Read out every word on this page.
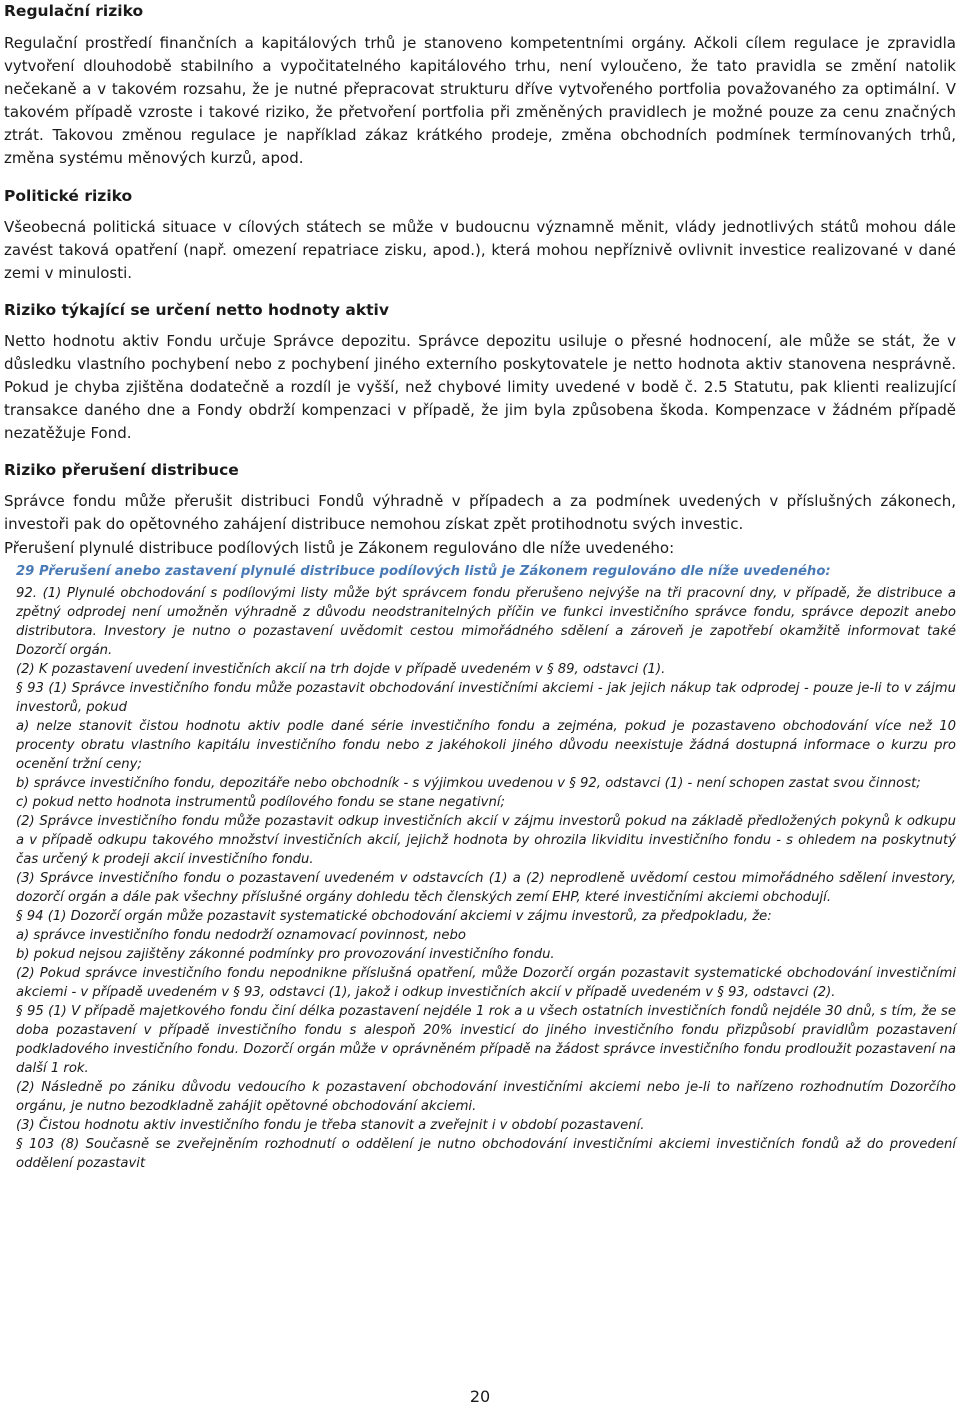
Regulační riziko

Regulační prostředí finančních a kapitálových trhů je stanoveno kompetentními orgány. Ačkoli cílem regulace je zpravidla vytvoření dlouhodobě stabilního a vypočitatelného kapitálového trhu, není vyloučeno, že tato pravidla se změní natolik nečekaně a v takovém rozsahu, že je nutné přepracovat strukturu dříve vytvořeného portfolia považovaného za optimální. V takovém případě vzroste i takové riziko, že přetvoření portfolia při změněných pravidlech je možné pouze za cenu značných ztrát. Takovou změnou regulace je například zákaz krátkého prodeje, změna obchodních podmínek termínovaných trhů, změna systému měnových kurzů, apod.

Politické riziko

Všeobecná politická situace v cílových státech se může v budoucnu významně měnit, vlády jednotlivých států mohou dále zavést taková opatření (např. omezení repatriace zisku, apod.), která mohou nepříznivě ovlivnit investice realizované v dané zemi v minulosti.

Riziko týkající se určení netto hodnoty aktiv

Netto hodnotu aktiv Fondu určuje Správce depozitu. Správce depozitu usiluje o přesné hodnocení, ale může se stát, že v důsledku vlastního pochybení nebo z pochybení jiného externího poskytovatele je netto hodnota aktiv stanovena nesprávně. Pokud je chyba zjištěna dodatečně a rozdíl je vyšší, než chybové limity uvedené v bodě č. 2.5 Statutu, pak klienti realizující transakce daného dne a Fondy obdrží kompenzaci v případě, že jim byla způsobena škoda. Kompenzace v žádném případě nezatěžuje Fond.

Riziko přerušení distribuce

Správce fondu může přerušit distribuci Fondů výhradně v případech a za podmínek uvedených v příslušných zákonech, investoři pak do opětovného zahájení distribuce nemohou získat zpět protihodnotu svých investic.

Přerušení plynulé distribuce podílových listů je Zákonem regulováno dle níže uvedeného:

29 Přerušení anebo zastavení plynulé distribuce podílových listů je Zákonem regulováno dle níže uvedeného:

92. (1) Plynulé obchodování s podílovými listy může být správcem fondu přerušeno nejvýše na tři pracovní dny, v případě, že distribuce a zpětný odprodej není umožněn výhradně z důvodu neodstranitelných příčin ve funkci investičního správce fondu, správce depozit anebo distributora. Investory je nutno o pozastavení uvědomit cestou mimořádného sdělení a zároveň je zapotřebí okamžitě informovat také Dozorčí orgán.

(2) K pozastavení uvedení investičních akcií na trh dojde v případě uvedeném v § 89, odstavci (1).

§ 93 (1) Správce investičního fondu může pozastavit obchodování investičními akciemi - jak jejich nákup tak odprodej - pouze je-li to v zájmu investorů, pokud

a) nelze stanovit čistou hodnotu aktiv podle dané série investičního fondu a zejména, pokud je pozastaveno obchodování více než 10 procenty obratu vlastního kapitálu investičního fondu nebo z jakéhokoli jiného důvodu neexistuje žádná dostupná informace o kurzu pro ocenění tržní ceny;

b) správce investičního fondu, depozitáře nebo obchodník - s výjimkou uvedenou v § 92, odstavci (1) - není schopen zastat svou činnost;

c) pokud netto hodnota instrumentů podílového fondu se stane negativní;

(2) Správce investičního fondu může pozastavit odkup investičních akcií v zájmu investorů pokud na základě předložených pokynů k odkupu a v případě odkupu takového množství investičních akcií, jejichž hodnota by ohrozila likviditu investičního fondu - s ohledem na poskytnutý čas určený k prodeji akcií investičního fondu.

(3) Správce investičního fondu o pozastavení uvedeném v odstavcích (1) a (2) neprodleně uvědomí cestou mimořádného sdělení investory, dozorčí orgán a dále pak všechny příslušné orgány dohledu těch členských zemí EHP, které investičními akciemi obchodují.

§ 94 (1) Dozorčí orgán může pozastavit systematické obchodování akciemi v zájmu investorů, za předpokladu, že:

a) správce investičního fondu nedodrží oznamovací povinnost, nebo

b) pokud nejsou zajištěny zákonné podmínky pro provozování investičního fondu.

(2) Pokud správce investičního fondu nepodnikne příslušná opatření, může Dozorčí orgán pozastavit systematické obchodování investičními akciemi - v případě uvedeném v § 93, odstavci (1), jakož i odkup investičních akcií v případě uvedeném v § 93, odstavci (2).

§ 95 (1) V případě majetkového fondu činí délka pozastavení nejdéle 1 rok a u všech ostatních investičních fondů nejdéle 30 dnů, s tím, že se doba pozastavení v případě investičního fondu s alespoň 20% investicí do jiného investičního fondu přizpůsobí pravidlům pozastavení podkladového investičního fondu. Dozorčí orgán může v oprávněném případě na žádost správce investičního fondu prodloužit pozastavení na další 1 rok.

(2) Následně po zániku důvodu vedoucího k pozastavení obchodování investičními akciemi nebo je-li to nařízeno rozhodnutím Dozorčího orgánu, je nutno bezodkladně zahájit opětovné obchodování akciemi.

(3) Čistou hodnotu aktiv investičního fondu je třeba stanovit a zveřejnit i v období pozastavení.

§ 103 (8) Současně se zveřejněním rozhodnutí o oddělení je nutno obchodování investičními akciemi investičních fondů až do provedení oddělení pozastavit

20
